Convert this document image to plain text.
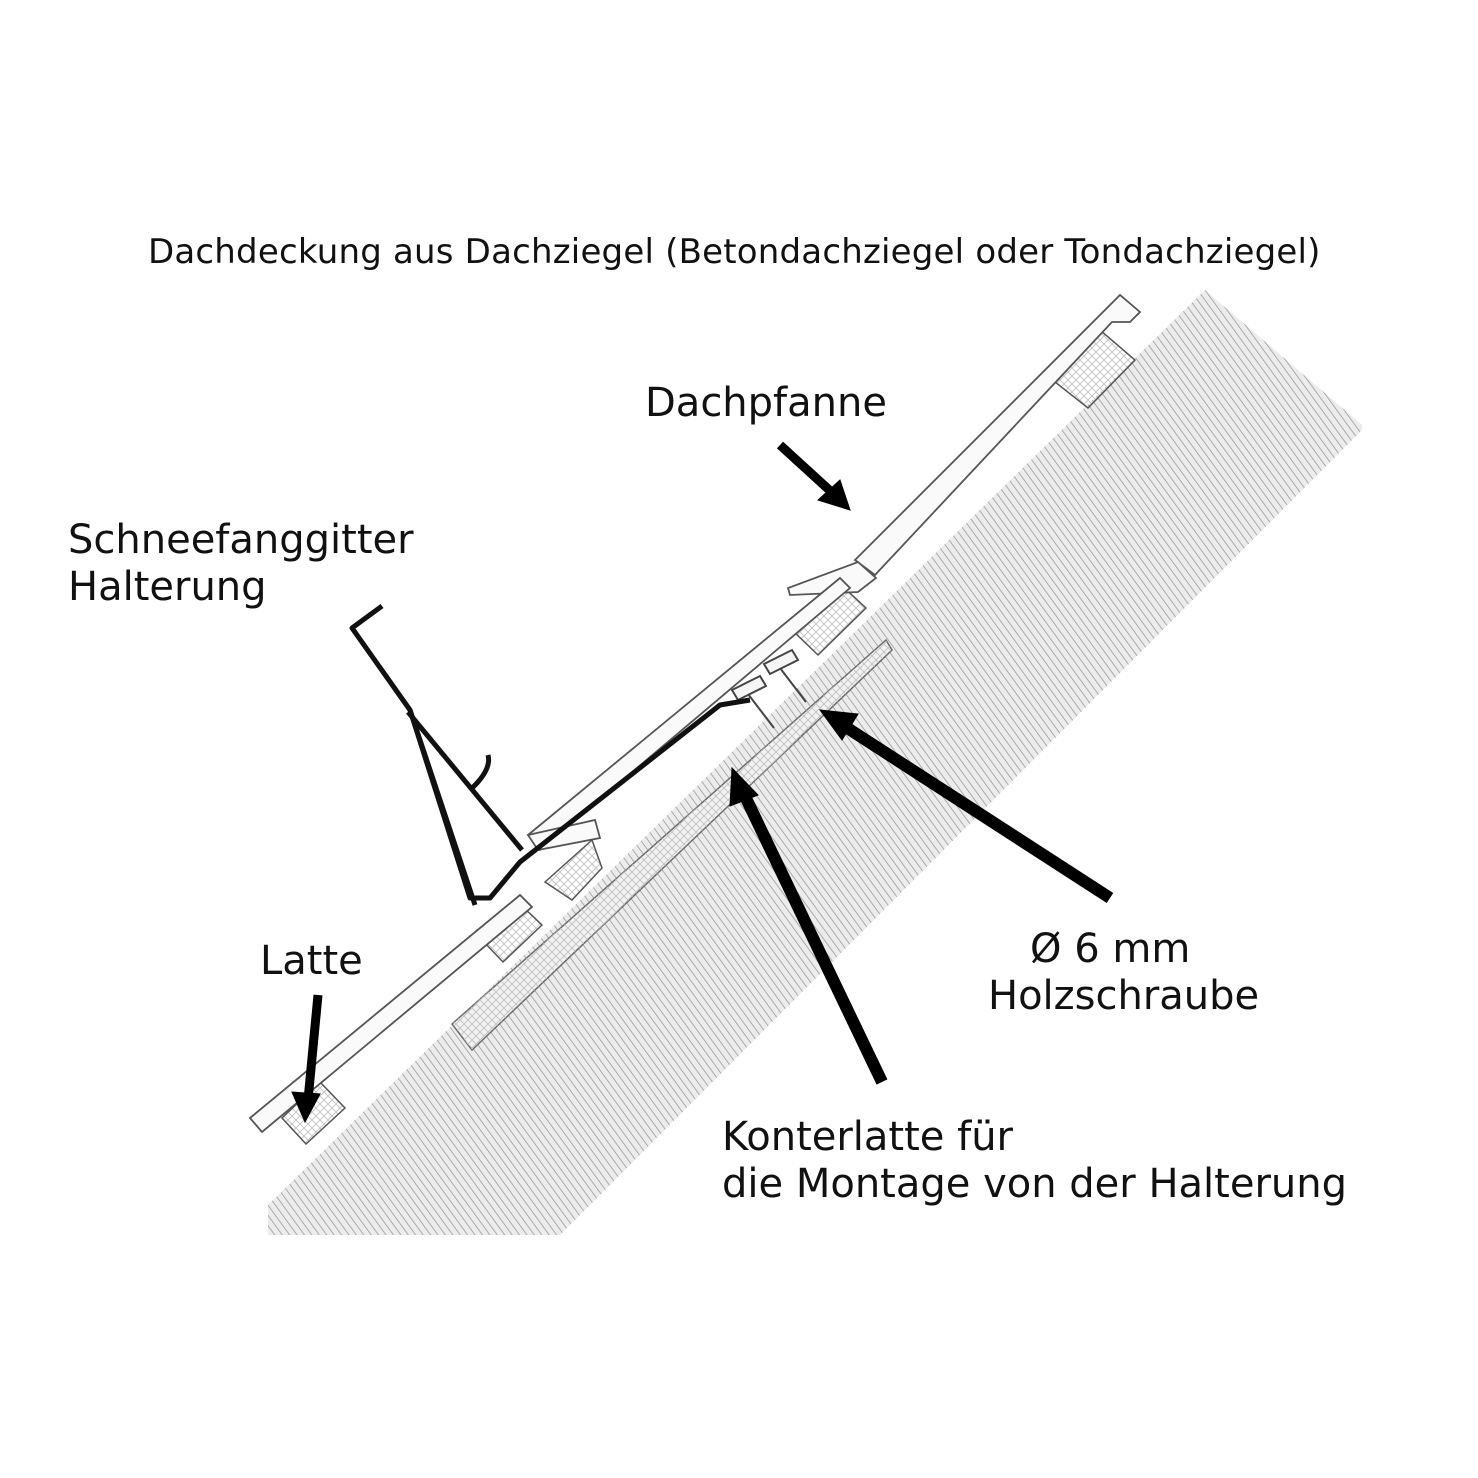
Dachdeckung aus Dachziegel (Betondachziegel oder Tondachziegel)
Dachpfanne
Schneefanggitter
Halterung
Latte	Ø 6 mm
Holzschraube
Konterlatte für
die Montage von der Halterung
